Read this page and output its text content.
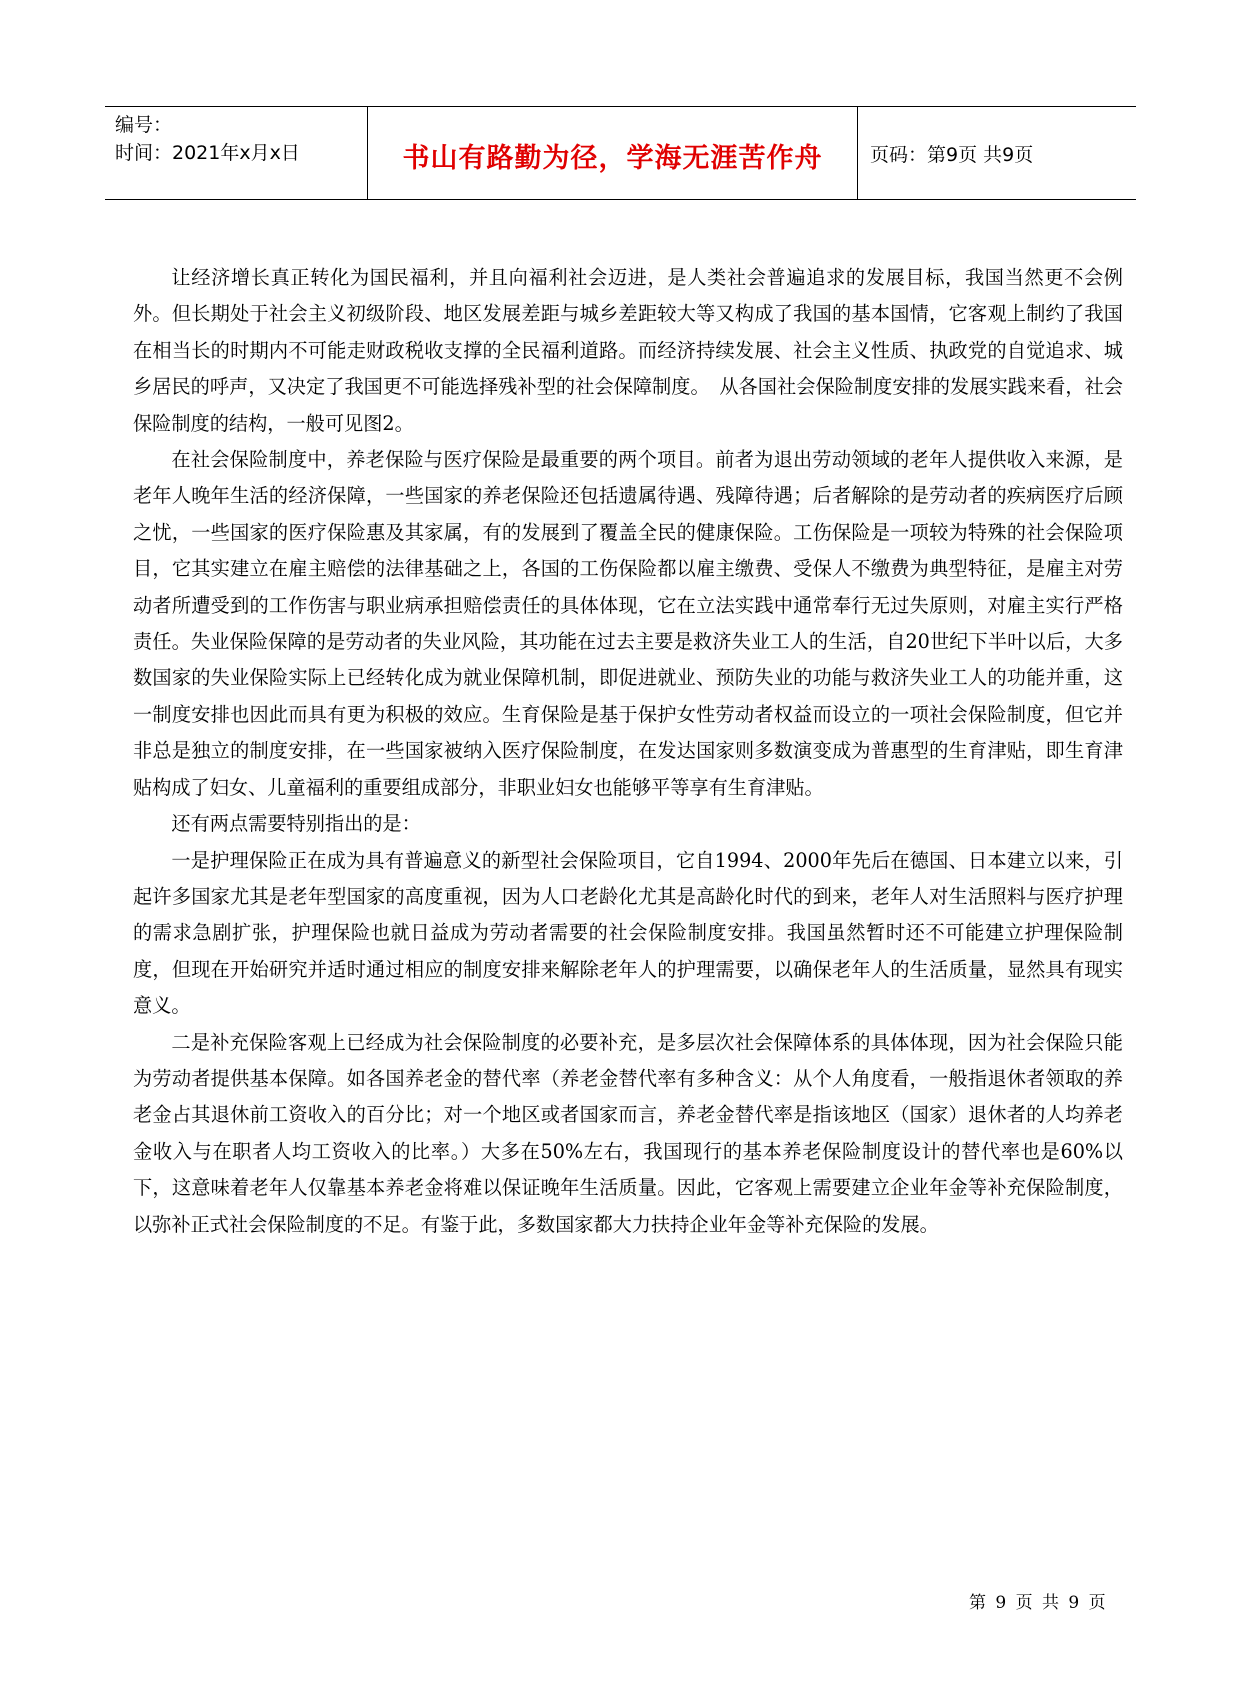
编号：
时间：2021年x月x日	书山有路勤为径，学海无涯苦作舟	页码：第9页 共9页

让经济增长真正转化为国民福利，并且向福利社会迈进，是人类社会普遍追求的发展目标，我国当然更不会例外。但长期处于社会主义初级阶段、地区发展差距与城乡差距较大等又构成了我国的基本国情，它客观上制约了我国在相当长的时期内不可能走财政税收支撑的全民福利道路。而经济持续发展、社会主义性质、执政党的自觉追求、城乡居民的呼声，又决定了我国更不可能选择残补型的社会保障制度。　从各国社会保险制度安排的发展实践来看，社会保险制度的结构，一般可见图2。

在社会保险制度中，养老保险与医疗保险是最重要的两个项目。前者为退出劳动领域的老年人提供收入来源，是老年人晚年生活的经济保障，一些国家的养老保险还包括遗属待遇、残障待遇；后者解除的是劳动者的疾病医疗后顾之忧，一些国家的医疗保险惠及其家属，有的发展到了覆盖全民的健康保险。工伤保险是一项较为特殊的社会保险项目，它其实建立在雇主赔偿的法律基础之上，各国的工伤保险都以雇主缴费、受保人不缴费为典型特征，是雇主对劳动者所遭受到的工作伤害与职业病承担赔偿责任的具体体现，它在立法实践中通常奉行无过失原则，对雇主实行严格责任。失业保险保障的是劳动者的失业风险，其功能在过去主要是救济失业工人的生活，自20世纪下半叶以后，大多数国家的失业保险实际上已经转化成为就业保障机制，即促进就业、预防失业的功能与救济失业工人的功能并重，这一制度安排也因此而具有更为积极的效应。生育保险是基于保护女性劳动者权益而设立的一项社会保险制度，但它并非总是独立的制度安排，在一些国家被纳入医疗保险制度，在发达国家则多数演变成为普惠型的生育津贴，即生育津贴构成了妇女、儿童福利的重要组成部分，非职业妇女也能够平等享有生育津贴。

还有两点需要特别指出的是：

一是护理保险正在成为具有普遍意义的新型社会保险项目，它自1994、2000年先后在德国、日本建立以来，引起许多国家尤其是老年型国家的高度重视，因为人口老龄化尤其是高龄化时代的到来，老年人对生活照料与医疗护理的需求急剧扩张，护理保险也就日益成为劳动者需要的社会保险制度安排。我国虽然暂时还不可能建立护理保险制度，但现在开始研究并适时通过相应的制度安排来解除老年人的护理需要，以确保老年人的生活质量，显然具有现实意义。

二是补充保险客观上已经成为社会保险制度的必要补充，是多层次社会保障体系的具体体现，因为社会保险只能为劳动者提供基本保障。如各国养老金的替代率（养老金替代率有多种含义：从个人角度看，一般指退休者领取的养老金占其退休前工资收入的百分比；对一个地区或者国家而言，养老金替代率是指该地区（国家）退休者的人均养老金收入与在职者人均工资收入的比率。）大多在50%左右，我国现行的基本养老保险制度设计的替代率也是60%以下，这意味着老年人仅靠基本养老金将难以保证晚年生活质量。因此，它客观上需要建立企业年金等补充保险制度，以弥补正式社会保险制度的不足。有鉴于此，多数国家都大力扶持企业年金等补充保险的发展。

第 9 页 共 9 页
